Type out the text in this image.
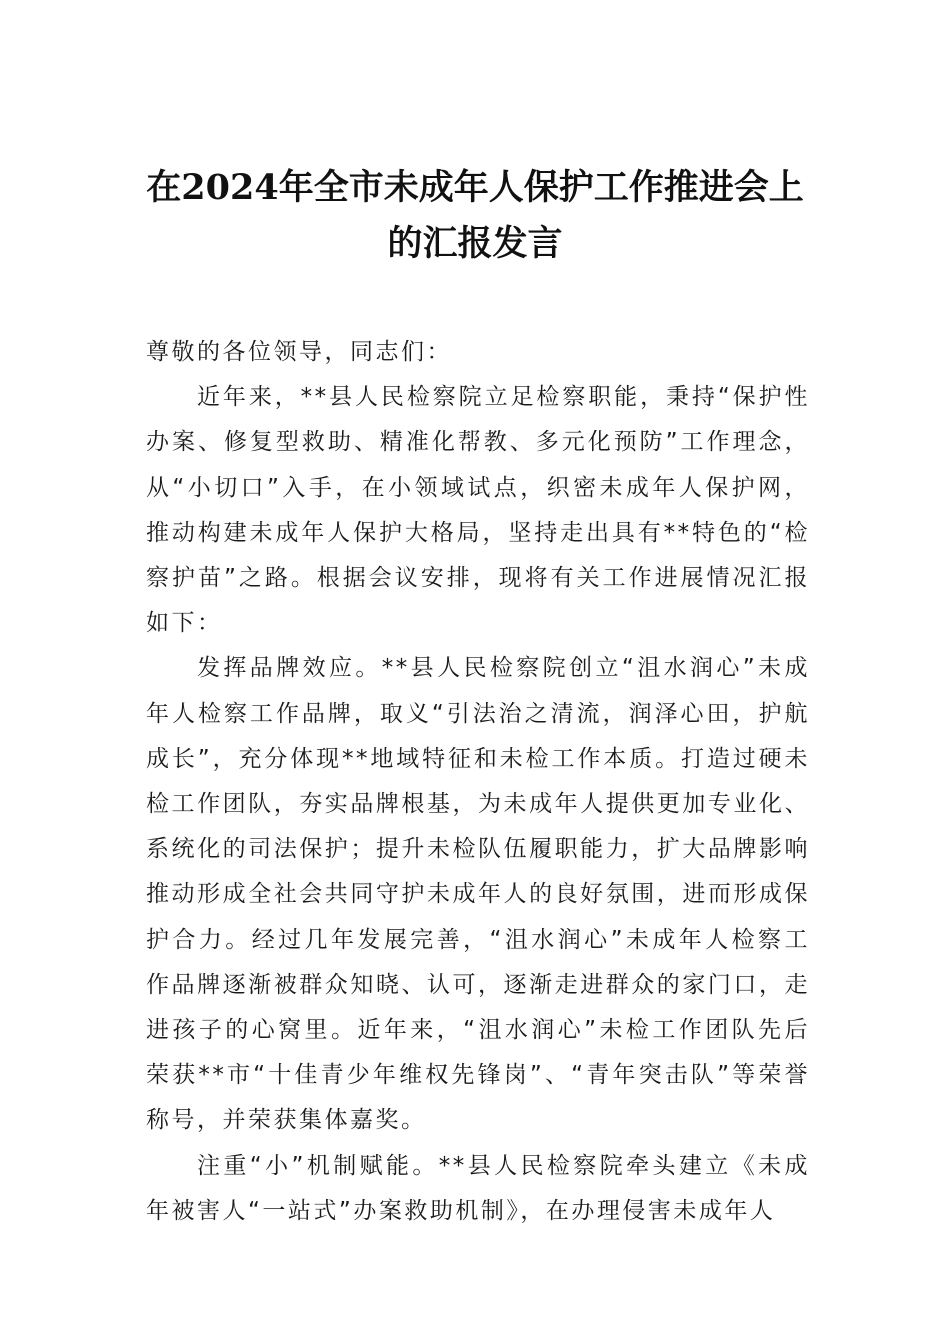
在2024年全市未成年人保护工作推进会上
的汇报发言

尊敬的各位领导，同志们：

近年来，**县人民检察院立足检察职能，秉持“保护性办案、修复型救助、精准化帮教、多元化预防”工作理念，从“小切口”入手，在小领域试点，织密未成年人保护网，推动构建未成年人保护大格局，坚持走出具有**特色的“检察护苗”之路。根据会议安排，现将有关工作进展情况汇报如下：

发挥品牌效应。**县人民检察院创立“沮水润心”未成年人检察工作品牌，取义“引法治之清流，润泽心田，护航成长”，充分体现**地域特征和未检工作本质。打造过硬未检工作团队，夯实品牌根基，为未成年人提供更加专业化、系统化的司法保护；提升未检队伍履职能力，扩大品牌影响推动形成全社会共同守护未成年人的良好氛围，进而形成保护合力。经过几年发展完善，“沮水润心”未成年人检察工作品牌逐渐被群众知晓、认可，逐渐走进群众的家门口，走进孩子的心窝里。近年来，“沮水润心”未检工作团队先后荣获**市“十佳青少年维权先锋岗”、“青年突击队”等荣誉称号，并荣获集体嘉奖。

注重“小”机制赋能。**县人民检察院牵头建立《未成年被害人“一站式”办案救助机制》，在办理侵害未成年人
